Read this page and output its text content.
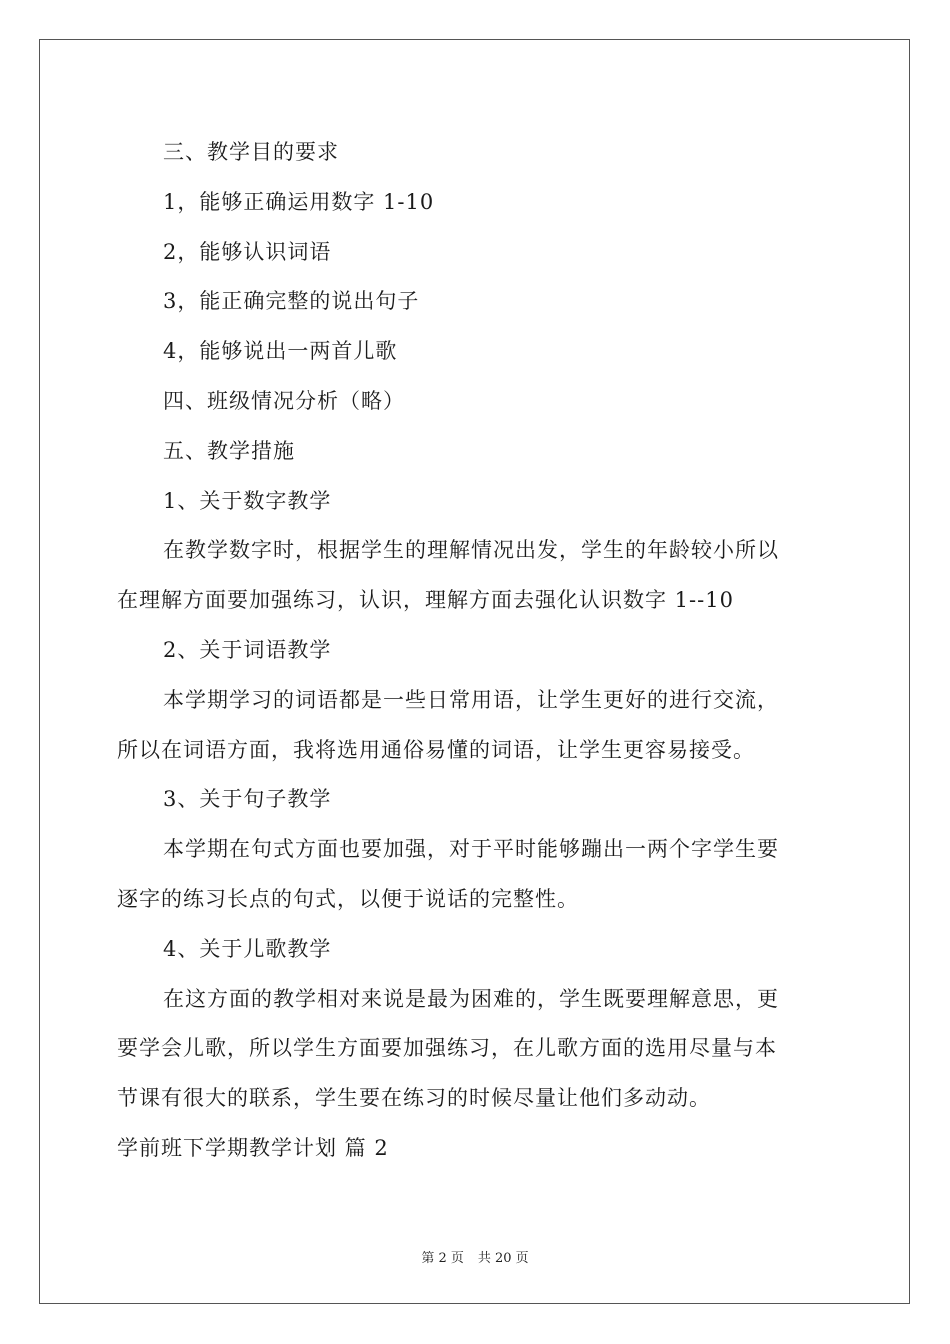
三、教学目的要求
1，能够正确运用数字 1-10
2，能够认识词语
3，能正确完整的说出句子
4，能够说出一两首儿歌
四、班级情况分析（略）
五、教学措施
1、关于数字教学
在教学数字时，根据学生的理解情况出发，学生的年龄较小所以
在理解方面要加强练习，认识，理解方面去强化认识数字 1--10
2、关于词语教学
本学期学习的词语都是一些日常用语，让学生更好的进行交流，
所以在词语方面，我将选用通俗易懂的词语，让学生更容易接受。
3、关于句子教学
本学期在句式方面也要加强，对于平时能够蹦出一两个字学生要
逐字的练习长点的句式，以便于说话的完整性。
4、关于儿歌教学
在这方面的教学相对来说是最为困难的，学生既要理解意思，更
要学会儿歌，所以学生方面要加强练习，在儿歌方面的选用尽量与本
节课有很大的联系，学生要在练习的时候尽量让他们多动动。
学前班下学期教学计划 篇 2
第 2 页 共 20 页
